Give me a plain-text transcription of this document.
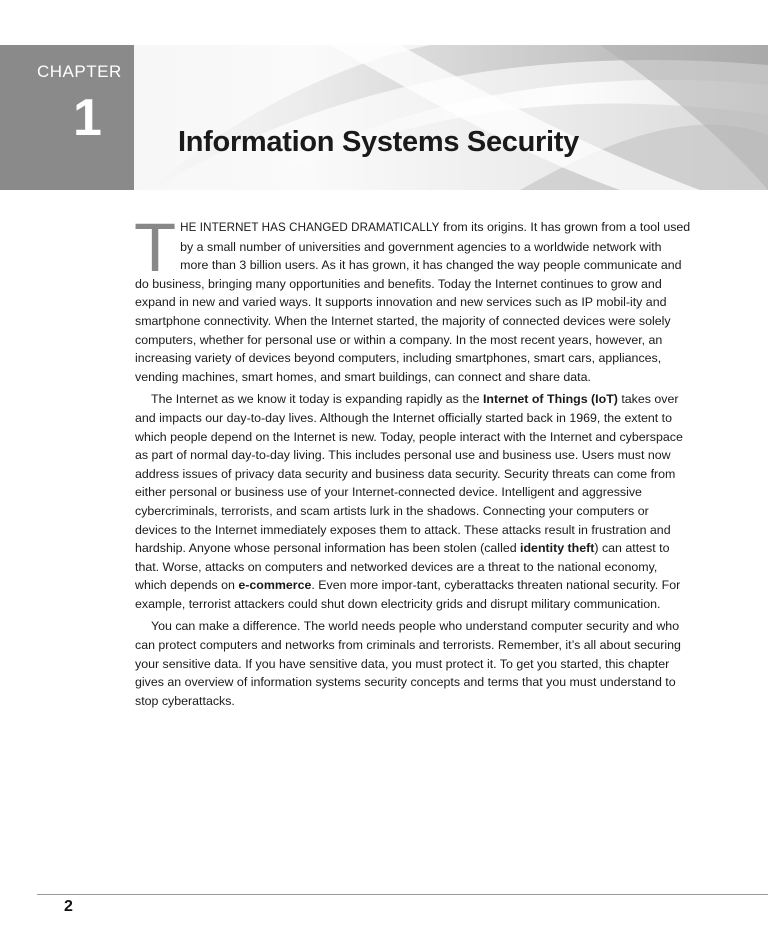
CHAPTER
1	Information Systems Security

THE INTERNET HAS CHANGED DRAMATICALLY from its origins. It has grown from a tool used by a small number of universities and government agencies to a worldwide network with more than 3 billion users. As it has grown, it has changed the way people communicate and do business, bringing many opportunities and benefits. Today the Internet continues to grow and expand in new and varied ways. It supports innovation and new services such as IP mobil-ity and smartphone connectivity. When the Internet started, the majority of connected devices were solely computers, whether for personal use or within a company. In the most recent years, however, an increasing variety of devices beyond computers, including smartphones, smart cars, appliances, vending machines, smart homes, and smart buildings, can connect and share data.

The Internet as we know it today is expanding rapidly as the Internet of Things (IoT) takes over and impacts our day-to-day lives. Although the Internet officially started back in 1969, the extent to which people depend on the Internet is new. Today, people interact with the Internet and cyberspace as part of normal day-to-day living. This includes personal use and business use. Users must now address issues of privacy data security and business data security. Security threats can come from either personal or business use of your Internet-connected device. Intelligent and aggressive cybercriminals, terrorists, and scam artists lurk in the shadows. Connecting your computers or devices to the Internet immediately exposes them to attack. These attacks result in frustration and hardship. Anyone whose personal information has been stolen (called identity theft) can attest to that. Worse, attacks on computers and networked devices are a threat to the national economy, which depends on e-commerce. Even more impor-tant, cyberattacks threaten national security. For example, terrorist attackers could shut down electricity grids and disrupt military communication.

You can make a difference. The world needs people who understand computer security and who can protect computers and networks from criminals and terrorists. Remember, it’s all about securing your sensitive data. If you have sensitive data, you must protect it. To get you started, this chapter gives an overview of information systems security concepts and terms that you must understand to stop cyberattacks.

2
